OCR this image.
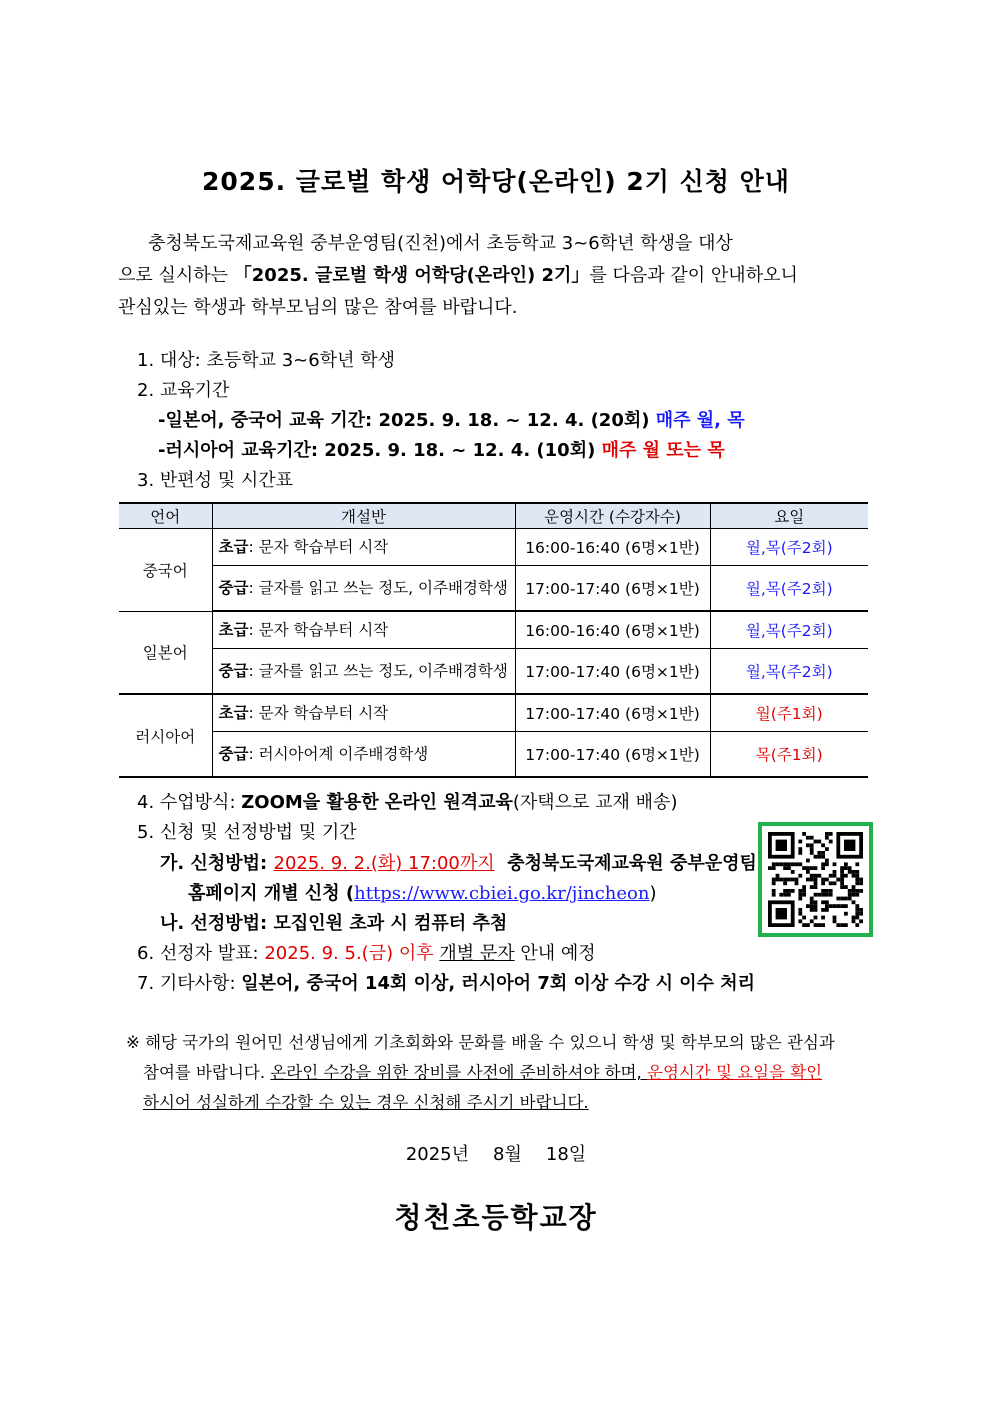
2025. 글로벌 학생 어학당(온라인) 2기 신청 안내
충청북도국제교육원 중부운영팀(진천)에서 초등학교 3~6학년 학생을 대상
으로 실시하는 「2025. 글로벌 학생 어학당(온라인) 2기」를 다음과 같이 안내하오니
관심있는 학생과 학부모님의 많은 참여를 바랍니다.
1. 대상: 초등학교 3~6학년 학생
2. 교육기간
-일본어, 중국어 교육 기간: 2025. 9. 18. ~ 12. 4. (20회) 매주 월, 목
-러시아어 교육기간: 2025. 9. 18. ~ 12. 4. (10회) 매주 월 또는 목
3. 반편성 및 시간표
언어	개설반	운영시간 (수강자수)	요일
중국어	초급: 문자 학습부터 시작	16:00-16:40 (6명×1반)	월,목(주2회)
	중급: 글자를 읽고 쓰는 정도, 이주배경학생	17:00-17:40 (6명×1반)	월,목(주2회)
일본어	초급: 문자 학습부터 시작	16:00-16:40 (6명×1반)	월,목(주2회)
	중급: 글자를 읽고 쓰는 정도, 이주배경학생	17:00-17:40 (6명×1반)	월,목(주2회)
러시아어	초급: 문자 학습부터 시작	17:00-17:40 (6명×1반)	월(주1회)
	중급: 러시아어계 이주배경학생	17:00-17:40 (6명×1반)	목(주1회)
4. 수업방식: ZOOM을 활용한 온라인 원격교육(자택으로 교재 배송)
5. 신청 및 선정방법 및 기간
가. 신청방법: 2025. 9. 2.(화) 17:00까지 충청북도국제교육원 중부운영팀
홈페이지 개별 신청 (https://www.cbiei.go.kr/jincheon)
나. 선정방법: 모집인원 초과 시 컴퓨터 추첨
6. 선정자 발표: 2025. 9. 5.(금) 이후 개별 문자 안내 예정
7. 기타사항: 일본어, 중국어 14회 이상, 러시아어 7회 이상 수강 시 이수 처리
※ 해당 국가의 원어민 선생님에게 기초회화와 문화를 배울 수 있으니 학생 및 학부모의 많은 관심과
참여를 바랍니다. 온라인 수강을 위한 장비를 사전에 준비하셔야 하며, 운영시간 및 요일을 확인
하시어 성실하게 수강할 수 있는 경우 신청해 주시기 바랍니다.
2025년 8월 18일
청천초등학교장
